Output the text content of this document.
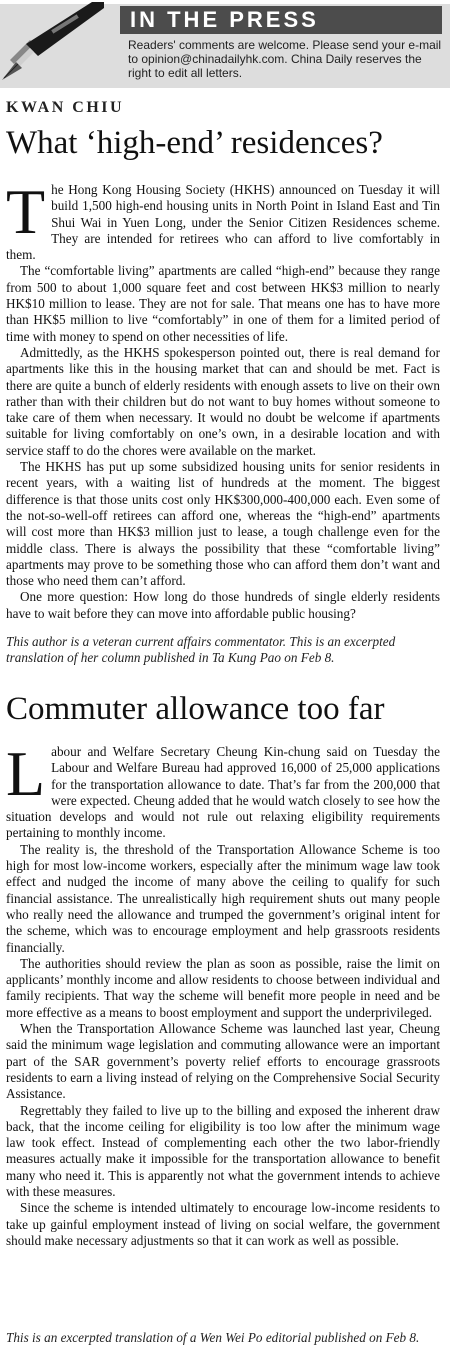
IN THE PRESS
Readers' comments are welcome. Please send your e-mail to opinion@chinadailyhk.com. China Daily reserves the right to edit all letters.
KWAN CHIU
What ‘high-end’ residences?

The Hong Kong Housing Society (HKHS) announced on Tuesday it will build 1,500 high-end housing units in North Point in Island East and Tin Shui Wai in Yuen Long, under the Senior Citizen Residences scheme. They are intended for retirees who can afford to live comfortably in them.

The “comfortable living” apartments are called “high-end” because they range from 500 to about 1,000 square feet and cost between HK$3 million to nearly HK$10 million to lease. They are not for sale. That means one has to have more than HK$5 million to live “comfortably” in one of them for a limited period of time with money to spend on other necessities of life.

Admittedly, as the HKHS spokesperson pointed out, there is real demand for apartments like this in the housing market that can and should be met. Fact is there are quite a bunch of elderly residents with enough assets to live on their own rather than with their children but do not want to buy homes without someone to take care of them when necessary. It would no doubt be welcome if apartments suitable for living comfortably on one’s own, in a desirable location and with service staff to do the chores were available on the market.

The HKHS has put up some subsidized housing units for senior residents in recent years, with a waiting list of hundreds at the moment. The biggest difference is that those units cost only HK$300,000-400,000 each. Even some of the not-so-well-off retirees can afford one, whereas the “high-end” apartments will cost more than HK$3 million just to lease, a tough challenge even for the middle class. There is always the possibility that these “comfortable living” apartments may prove to be something those who can afford them don’t want and those who need them can’t afford.

One more question: How long do those hundreds of single elderly residents have to wait before they can move into affordable public housing?

This author is a veteran current affairs commentator. This is an excerpted translation of her column published in Ta Kung Pao on Feb 8.
Commuter allowance too far

Labour and Welfare Secretary Cheung Kin-chung said on Tuesday the Labour and Welfare Bureau had approved 16,000 of 25,000 applications for the transportation allowance to date. That’s far from the 200,000 that were expected. Cheung added that he would watch closely to see how the situation develops and would not rule out relaxing eligibility requirements pertaining to monthly income.

The reality is, the threshold of the Transportation Allowance Scheme is too high for most low-income workers, especially after the minimum wage law took effect and nudged the income of many above the ceiling to qualify for such financial assistance. The unrealistically high requirement shuts out many people who really need the allowance and trumped the government’s original intent for the scheme, which was to encourage employment and help grassroots residents financially.

The authorities should review the plan as soon as possible, raise the limit on applicants’ monthly income and allow residents to choose between individual and family recipients. That way the scheme will benefit more people in need and be more effective as a means to boost employment and support the underprivileged.

When the Transportation Allowance Scheme was launched last year, Cheung said the minimum wage legislation and commuting allowance were an important part of the SAR government’s poverty relief efforts to encourage grassroots residents to earn a living instead of relying on the Comprehensive Social Security Assistance.

Regrettably they failed to live up to the billing and exposed the inherent draw back, that the income ceiling for eligibility is too low after the minimum wage law took effect. Instead of complementing each other the two labor-friendly measures actually make it impossible for the transportation allowance to benefit many who need it. This is apparently not what the government intends to achieve with these measures.

Since the scheme is intended ultimately to encourage low-income residents to take up gainful employment instead of living on social welfare, the government should make necessary adjustments so that it can work as well as possible.

This is an excerpted translation of a Wen Wei Po editorial published on Feb 8.
